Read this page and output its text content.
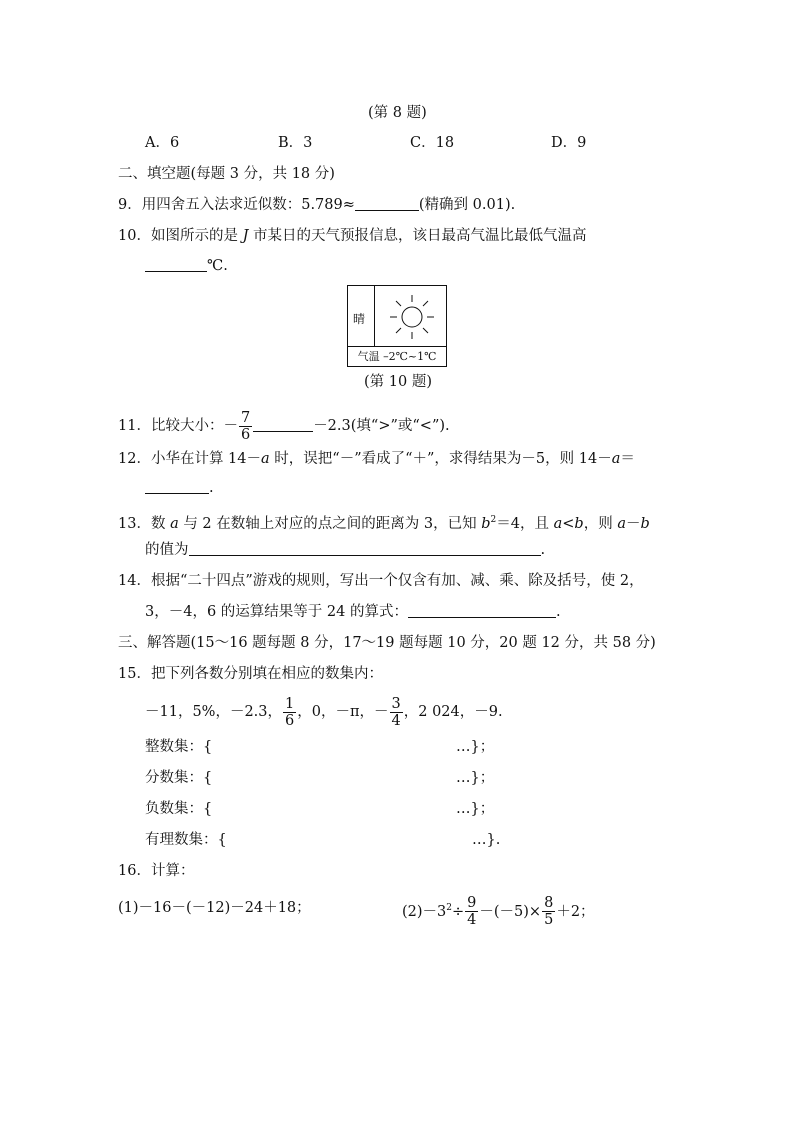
(第 8 题)
A．6	B．3	C．18	D．9
二、填空题(每题 3 分，共 18 分)
9．用四舍五入法求近似数：5.789≈	(精确到 0.01).
10．如图所示的是 J 市某日的天气预报信息，该日最高气温比最低气温高
℃.
晴
气温 –2℃~1℃
(第 10 题)
11．比较大小：－ $\frac{7}{6}$	－2.3(填“>”或“<”).
12．小华在计算 14－a 时，误把“－”看成了“＋”，求得结果为－5，则 14－a＝
.
13．数 a 与 2 在数轴上对应的点之间的距离为 3，已知 $b^2=4$，且 a<b，则 a－b
的值为	.
14．根据“二十四点”游戏的规则，写出一个仅含有加、减、乘、除及括号，使 2，
3，－4，6 的运算结果等于 24 的算式：	.
三、解答题(15～16 题每题 8 分，17～19 题每题 10 分，20 题 12 分，共 58 分)
15．把下列各数分别填在相应的数集内：
－11，5%，－2.3， $\frac{1}{6}$ ，0，－π，－ $\frac{3}{4}$ ，2 024，－9.
整数集：{	…}；
分数集：{	…}；
负数集：{	…}；
有理数集：{	…}.
16．计算：
(1)－16－(－12)－24＋18；	$(2)-3^2\div \frac{9}{4} -(-5)\times \frac{8}{5} +2$；
